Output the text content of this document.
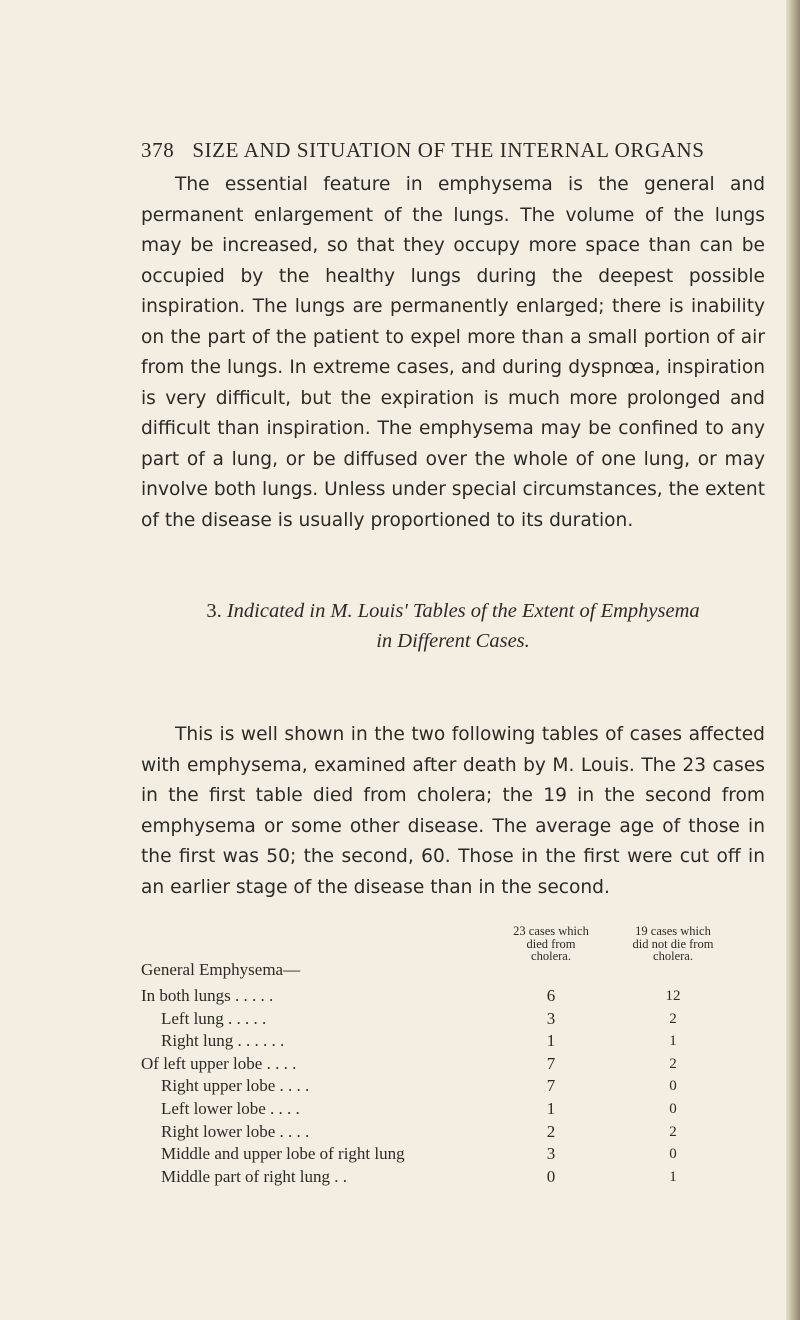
378 SIZE AND SITUATION OF THE INTERNAL ORGANS

The essential feature in emphysema is the general and permanent enlargement of the lungs. The volume of the lungs may be increased, so that they occupy more space than can be occupied by the healthy lungs during the deepest possible inspiration. The lungs are permanently enlarged; there is inability on the part of the patient to expel more than a small portion of air from the lungs. In extreme cases, and during dyspnœa, inspiration is very difficult, but the expiration is much more prolonged and difficult than inspiration. The emphysema may be confined to any part of a lung, or be diffused over the whole of one lung, or may involve both lungs. Unless under special circumstances, the extent of the disease is usually proportioned to its duration.

3. Indicated in M. Louis' Tables of the Extent of Emphysema
in Different Cases.

This is well shown in the two following tables of cases affected with emphysema, examined after death by M. Louis. The 23 cases in the first table died from cholera; the 19 in the second from emphysema or some other disease. The average age of those in the first was 50; the second, 60. Those in the first were cut off in an earlier stage of the disease than in the second.

23 cases which
died from
cholera.
19 cases which
did not die from
cholera.
General Emphysema—
In both lungs . . . . .	6	12
Left lung . . . . .	3	2
Right lung . . . . . .	1	1
Of left upper lobe . . . .	7	2
Right upper lobe . . . .	7	0
Left lower lobe . . . .	1	0
Right lower lobe . . . .	2	2
Middle and upper lobe of right lung	3	0
Middle part of right lung . .	0	1
